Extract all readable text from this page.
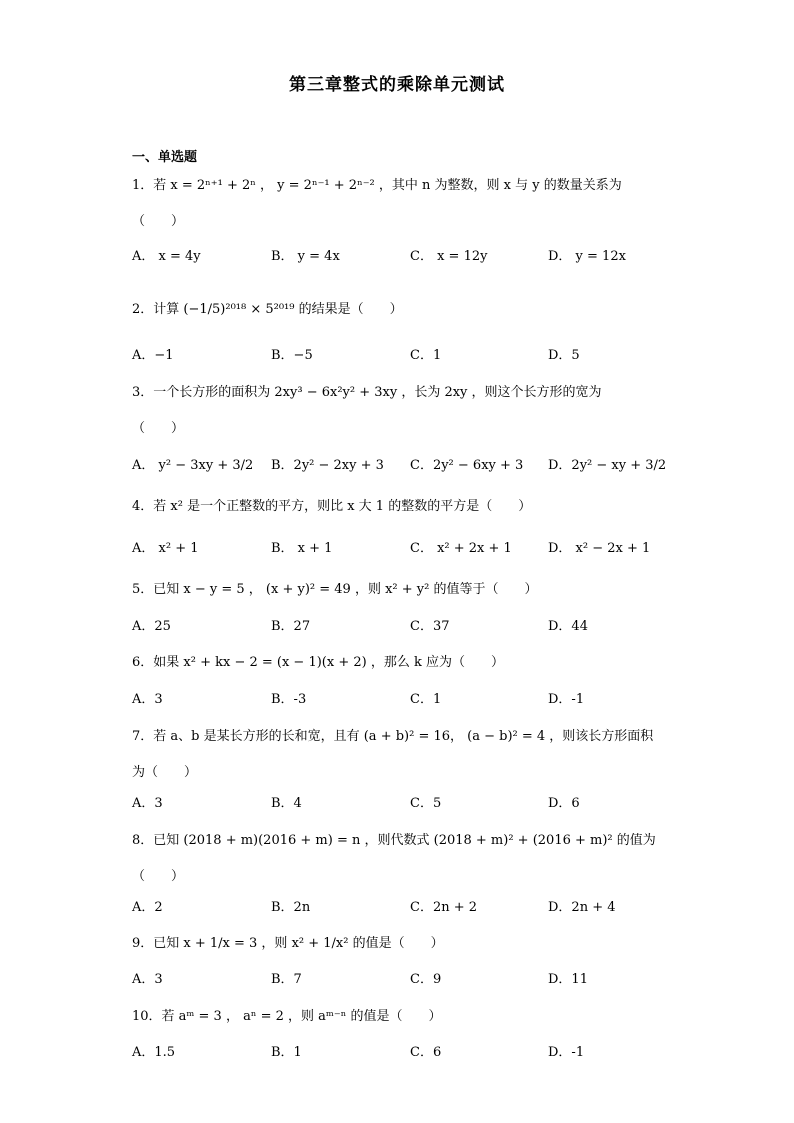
第三章整式的乘除单元测试
一、单选题
1．若 x = 2ⁿ⁺¹ + 2ⁿ ， y = 2ⁿ⁻¹ + 2ⁿ⁻² ，其中 n 为整数，则 x 与 y 的数量关系为
（　　）
A． x = 4y	B． y = 4x	C． x = 12y	D． y = 12x
2．计算 (−1/5)²⁰¹⁸ × 5²⁰¹⁹ 的结果是（　　）
A．−1	B．−5	C．1	D．5
3．一个长方形的面积为 2xy³ − 6x²y² + 3xy ，长为 2xy ，则这个长方形的宽为
（　　）
A． y² − 3xy + 3/2 B．2y² − 2xy + 3 C．2y² − 6xy + 3 D．2y² − xy + 3/2
4．若 x² 是一个正整数的平方，则比 x 大 1 的整数的平方是（　　）
A． x² + 1	B． x + 1	C． x² + 2x + 1	D． x² − 2x + 1
5．已知 x − y = 5 ， (x + y)² = 49 ，则 x² + y² 的值等于（　　）
A．25	B．27	C．37	D．44
6．如果 x² + kx − 2 = (x − 1)(x + 2) ，那么 k 应为（　　）
A．3	B．-3	C．1	D．-1
7．若 a、b 是某长方形的长和宽，且有 (a + b)² = 16， (a − b)² = 4 ，则该长方形面积
为（　　）
A．3	B．4	C．5	D．6
8．已知 (2018 + m)(2016 + m) = n ，则代数式 (2018 + m)² + (2016 + m)² 的值为
（　　）
A．2	B．2n	C．2n + 2	D．2n + 4
9．已知 x + 1/x = 3 ，则 x² + 1/x² 的值是（　　）
A．3	B．7	C．9	D．11
10．若 aᵐ = 3 ， aⁿ = 2 ，则 aᵐ⁻ⁿ 的值是（　　）
A．1.5	B．1	C．6	D．-1
